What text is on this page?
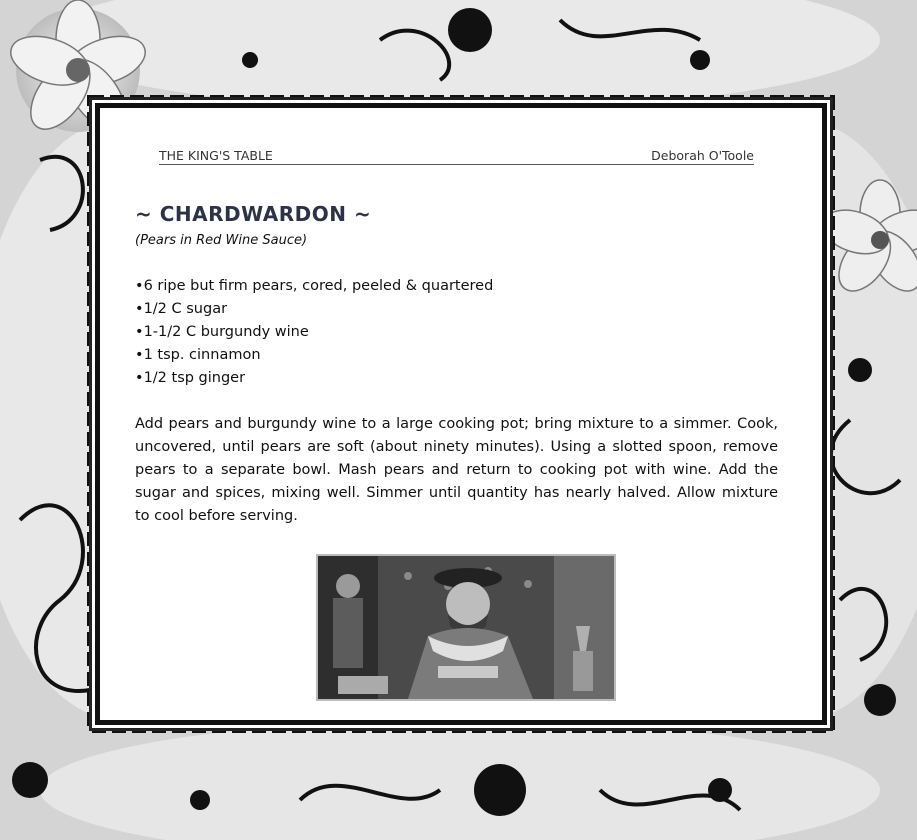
THE KING'S TABLE	Deborah O'Toole
~ CHARDWARDON ~
(Pears in Red Wine Sauce)
• 6 ripe but firm pears, cored, peeled & quartered
• 1/2 C sugar
• 1-1/2 C burgundy wine
• 1 tsp. cinnamon
• 1/2 tsp ginger

Add pears and burgundy wine to a large cooking pot; bring mixture to a simmer. Cook, uncovered, until pears are soft (about ninety minutes). Using a slotted spoon, remove pears to a separate bowl. Mash pears and return to cooking pot with wine. Add the sugar and spices, mixing well. Simmer until quantity has nearly halved. Allow mixture to cool before serving.
